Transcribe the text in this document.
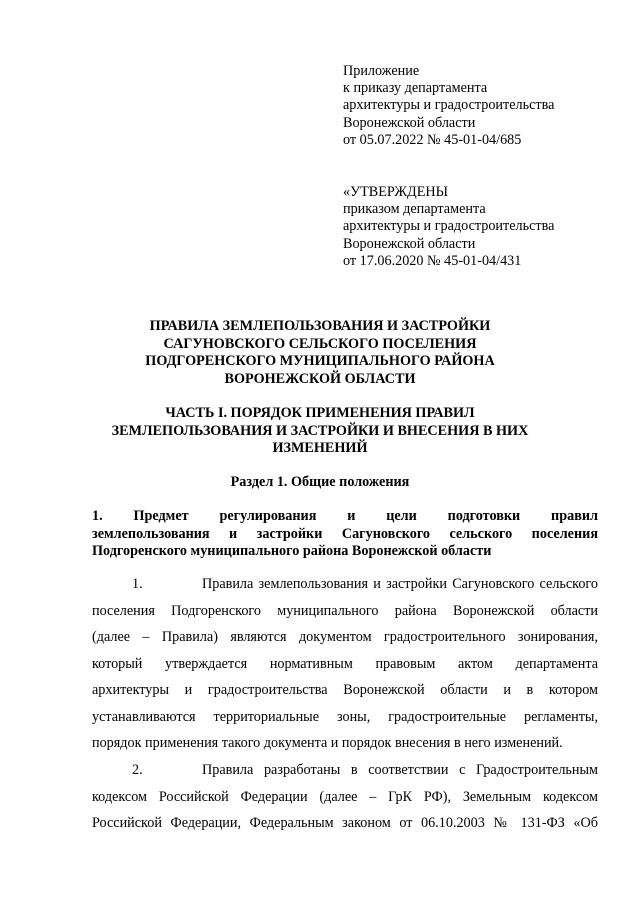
Приложение
к приказу департамента
архитектуры и градостроительства
Воронежской области
от 05.07.2022 № 45-01-04/685
«УТВЕРЖДЕНЫ
приказом департамента
архитектуры и градостроительства
Воронежской области
от 17.06.2020 № 45-01-04/431
ПРАВИЛА ЗЕМЛЕПОЛЬЗОВАНИЯ И ЗАСТРОЙКИ
САГУНОВСКОГО СЕЛЬСКОГО ПОСЕЛЕНИЯ
ПОДГОРЕНСКОГО МУНИЦИПАЛЬНОГО РАЙОНА
ВОРОНЕЖСКОЙ ОБЛАСТИ
ЧАСТЬ I. ПОРЯДОК ПРИМЕНЕНИЯ ПРАВИЛ
ЗЕМЛЕПОЛЬЗОВАНИЯ И ЗАСТРОЙКИ И ВНЕСЕНИЯ В НИХ
ИЗМЕНЕНИЙ
Раздел 1. Общие положения
1. Предмет регулирования и цели подготовки правил
землепользования и застройки Сагуновского сельского поселения
Подгоренского муниципального района Воронежской области
1.	Правила землепользования и застройки Сагуновского сельского
поселения Подгоренского муниципального района Воронежской области
(далее – Правила) являются документом градостроительного зонирования,
который утверждается нормативным правовым актом департамента
архитектуры и градостроительства Воронежской области и в котором
устанавливаются территориальные зоны, градостроительные регламенты,
порядок применения такого документа и порядок внесения в него изменений.
2.	Правила разработаны в соответствии с Градостроительным
кодексом Российской Федерации (далее – ГрК РФ), Земельным кодексом
Российской Федерации, Федеральным законом от 06.10.2003 № 131-ФЗ «Об
